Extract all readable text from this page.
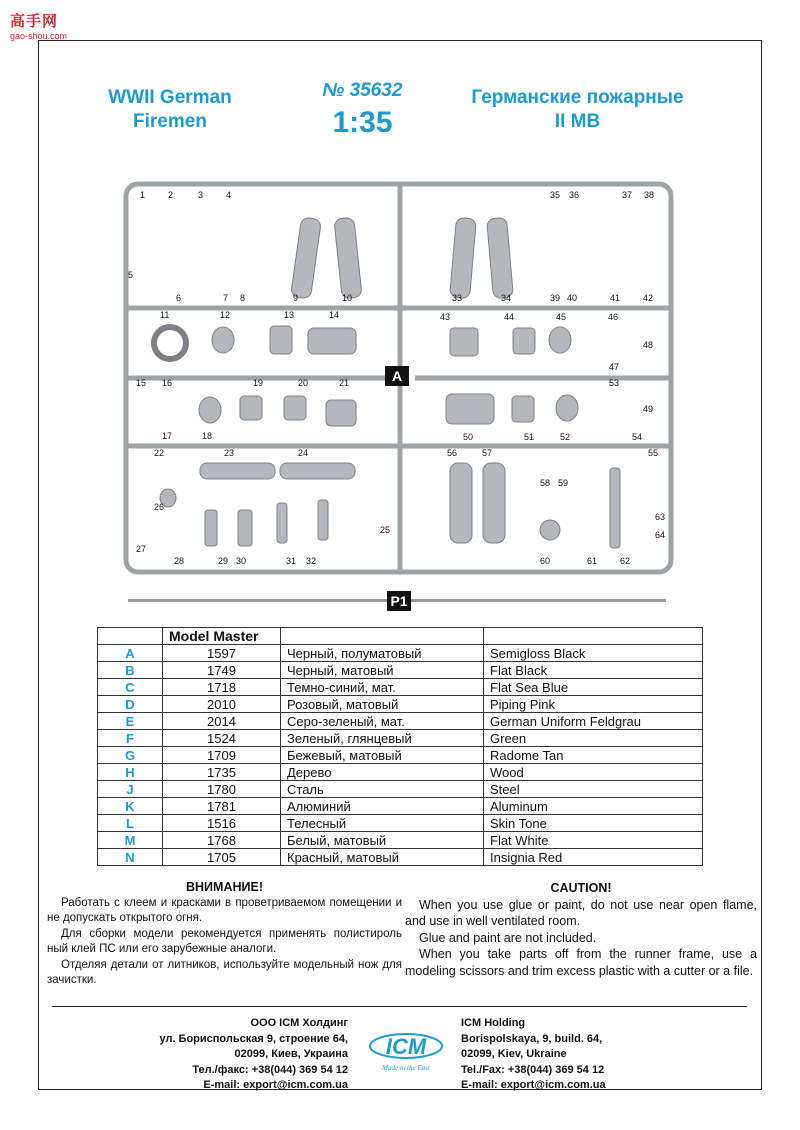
高手网
gao-shou.com
WWII German
Firemen
№ 35632
1:35
Германские пожарные
II MB
1	2	3	4
5
6	7 8	9	10
11	12	13	14
15 16
17	18
19	20	21
22	23	24
25
26
27
28	29 30	31 32
33	34
35 36	37 38
39 40	41	42
43	44	45	46
47
48
49
50	51	52
53
54
55
56	57
58 59
60	61	62
63
64
A
P1
	Model Master		
A	1597	Черный, полуматовый	Semigloss Black
B	1749	Черный, матовый	Flat Black
C	1718	Темно-синий, мат.	Flat Sea Blue
D	2010	Розовый, матовый	Piping Pink
E	2014	Серо-зеленый, мат.	German Uniform Feldgrau
F	1524	Зеленый, глянцевый	Green
G	1709	Бежевый, матовый	Radome Tan
H	1735	Дерево	Wood
J	1780	Сталь	Steel
K	1781	Алюминий	Aluminum
L	1516	Телесный	Skin Tone
M	1768	Белый, матовый	Flat White
N	1705	Красный, матовый	Insignia Red
ВНИМАНИЕ!

Работать с клеем и красками в проветриваемом помещении и не допускать открытого огня.

Для сборки модели рекомендуется применять полистироль ный клей ПС или его зарубежные аналоги.

Отделяя детали от литников, используйте модельный нож для зачистки.

CAUTION!

When you use glue or paint, do not use near open flame, and use in well ventilated room.

Glue and paint are not included.

When you take parts off from the runner frame, use a modeling scissors and trim excess plastic with a cutter or a file.

ООО ICM Холдинг
ул. Бориспольская 9, строение 64,
02099, Киев, Украина
Тел./факс: +38(044) 369 54 12
E-mail: export@icm.com.ua
ICM
Made in the East
ICM Holding
Borispolskaya, 9, build. 64,
02099, Kiev, Ukraine
Tel./Fax: +38(044) 369 54 12
E-mail: export@icm.com.ua
